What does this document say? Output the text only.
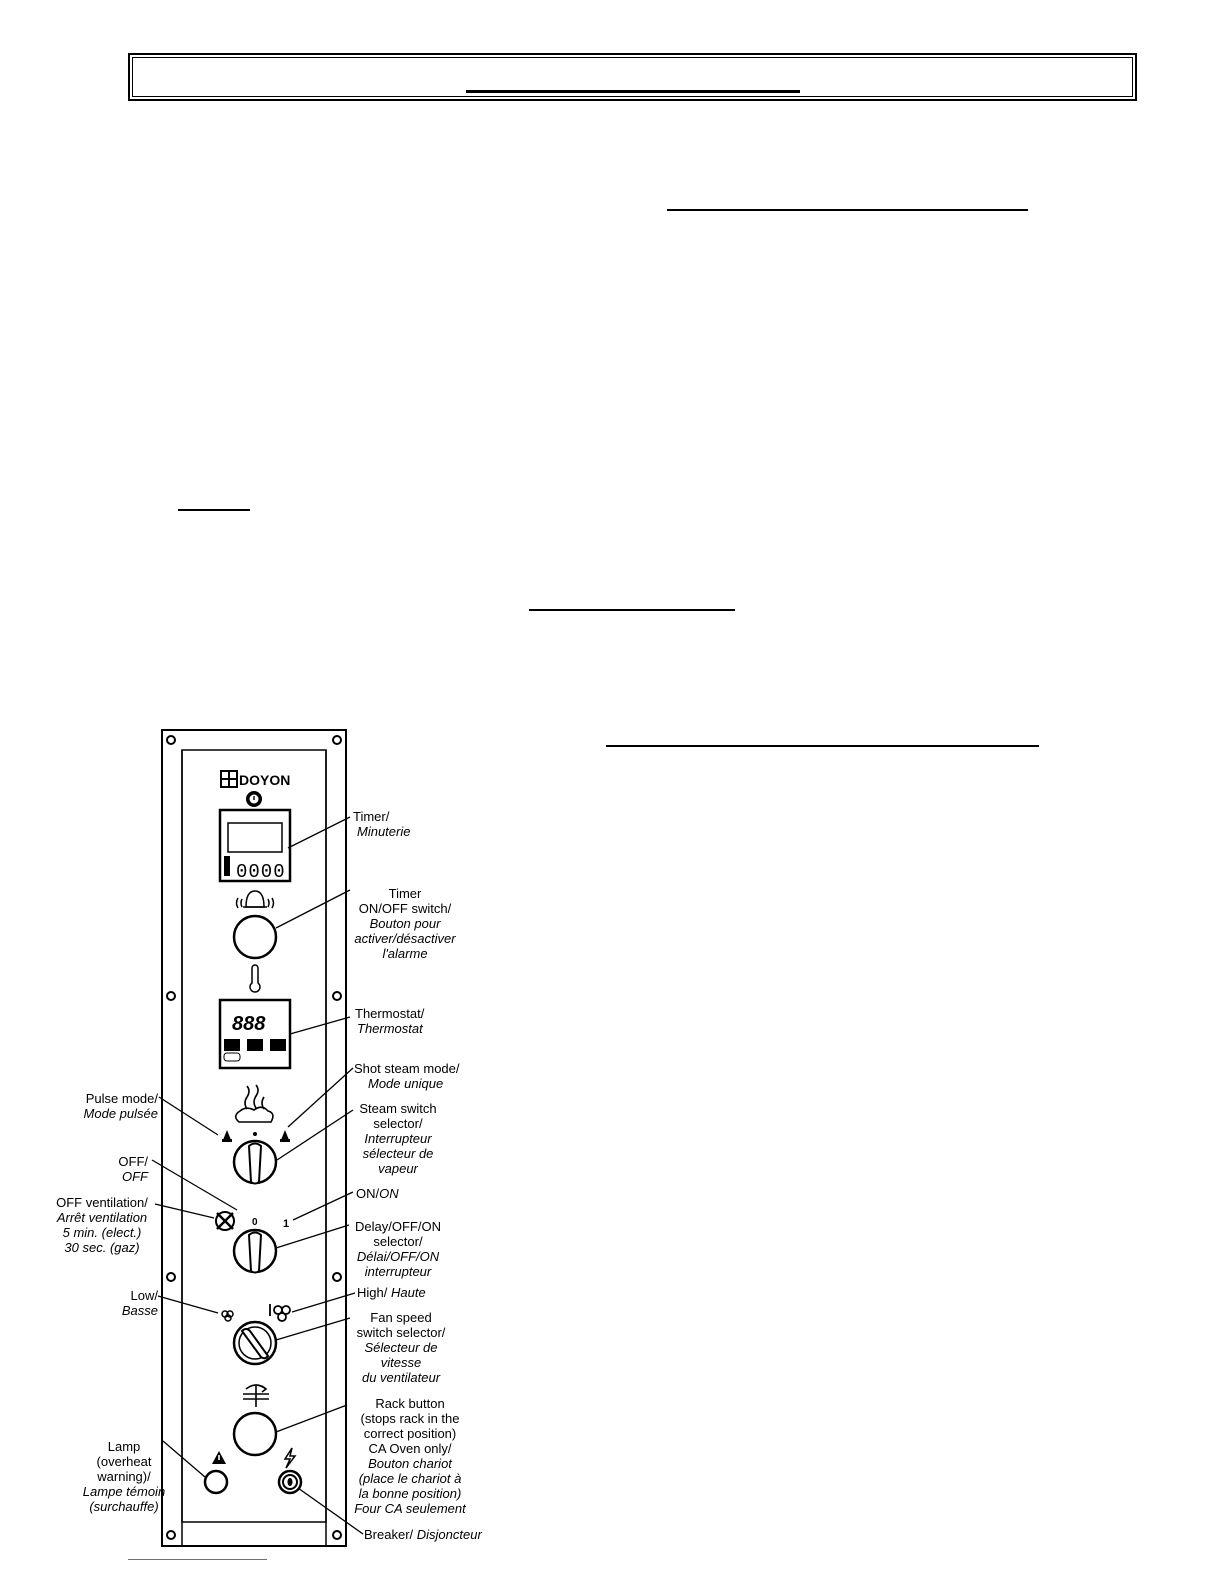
DOYON
0000
888
0 1
Timer/
Minuterie
Timer
ON/OFF switch/
Bouton pour
activer/désactiver
l'alarme
Thermostat/
Thermostat
Shot steam mode/
Mode unique
Steam switch
selector/
Interrupteur
sélecteur de
vapeur
Pulse mode/
Mode pulsée
OFF/
OFF
ON/ON
OFF ventilation/
Arrêt ventilation
5 min. (elect.)
30 sec. (gaz)
Delay/OFF/ON
selector/
Délai/OFF/ON
interrupteur
Low/
Basse
High/ Haute
Fan speed
switch selector/
Sélecteur de
vitesse
du ventilateur
Rack button
(stops rack in the
correct position)
CA Oven only/
Bouton chariot
(place le chariot à
la bonne position)
Four CA seulement
Lamp
(overheat
warning)/
Lampe témoin
(surchauffe)
Breaker/ Disjoncteur
